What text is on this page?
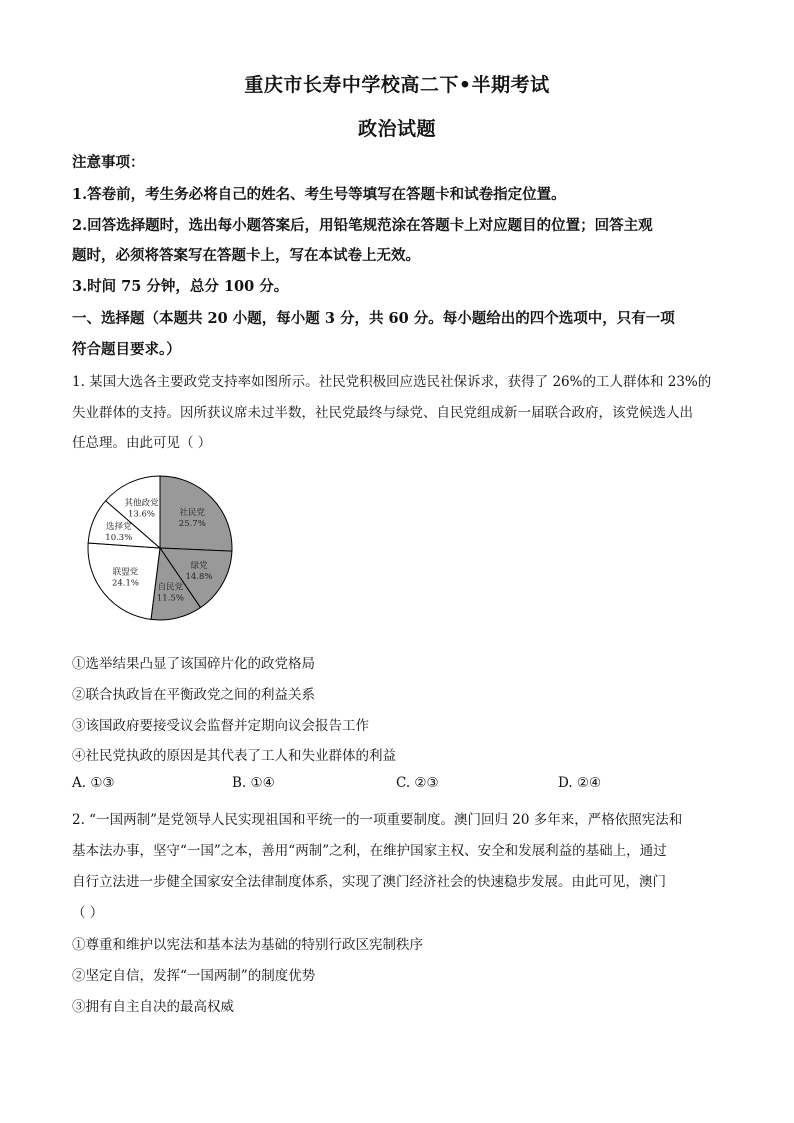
重庆市长寿中学校高二下•半期考试
政治试题
注意事项：
1.答卷前，考生务必将自己的姓名、考生号等填写在答题卡和试卷指定位置。
2.回答选择题时，选出每小题答案后，用铅笔规范涂在答题卡上对应题目的位置；回答主观
题时，必须将答案写在答题卡上，写在本试卷上无效。
3.时间 75 分钟，总分 100 分。
一、选择题（本题共 20 小题，每小题 3 分，共 60 分。每小题给出的四个选项中，只有一项
符合题目要求。）
1. 某国大选各主要政党支持率如图所示。社民党积极回应选民社保诉求，获得了 26%的工人群体和 23%的
失业群体的支持。因所获议席未过半数，社民党最终与绿党、自民党组成新一届联合政府，该党候选人出
任总理。由此可见（ ）
社民党
25.7%
绿党
14.8%
自民党
11.5%
联盟党
24.1%
选择党
10.3%
其他政党
13.6%
①选举结果凸显了该国碎片化的政党格局
②联合执政旨在平衡政党之间的利益关系
③该国政府要接受议会监督并定期向议会报告工作
④社民党执政的原因是其代表了工人和失业群体的利益
A. ①③	B. ①④	C. ②③	D. ②④
2. “一国两制”是党领导人民实现祖国和平统一的一项重要制度。澳门回归 20 多年来，严格依照宪法和
基本法办事，坚守“一国”之本，善用“两制”之利，在维护国家主权、安全和发展利益的基础上，通过
自行立法进一步健全国家安全法律制度体系，实现了澳门经济社会的快速稳步发展。由此可见，澳门
（ ）
①尊重和维护以宪法和基本法为基础的特别行政区宪制秩序
②坚定自信，发挥“一国两制”的制度优势
③拥有自主自决的最高权威
